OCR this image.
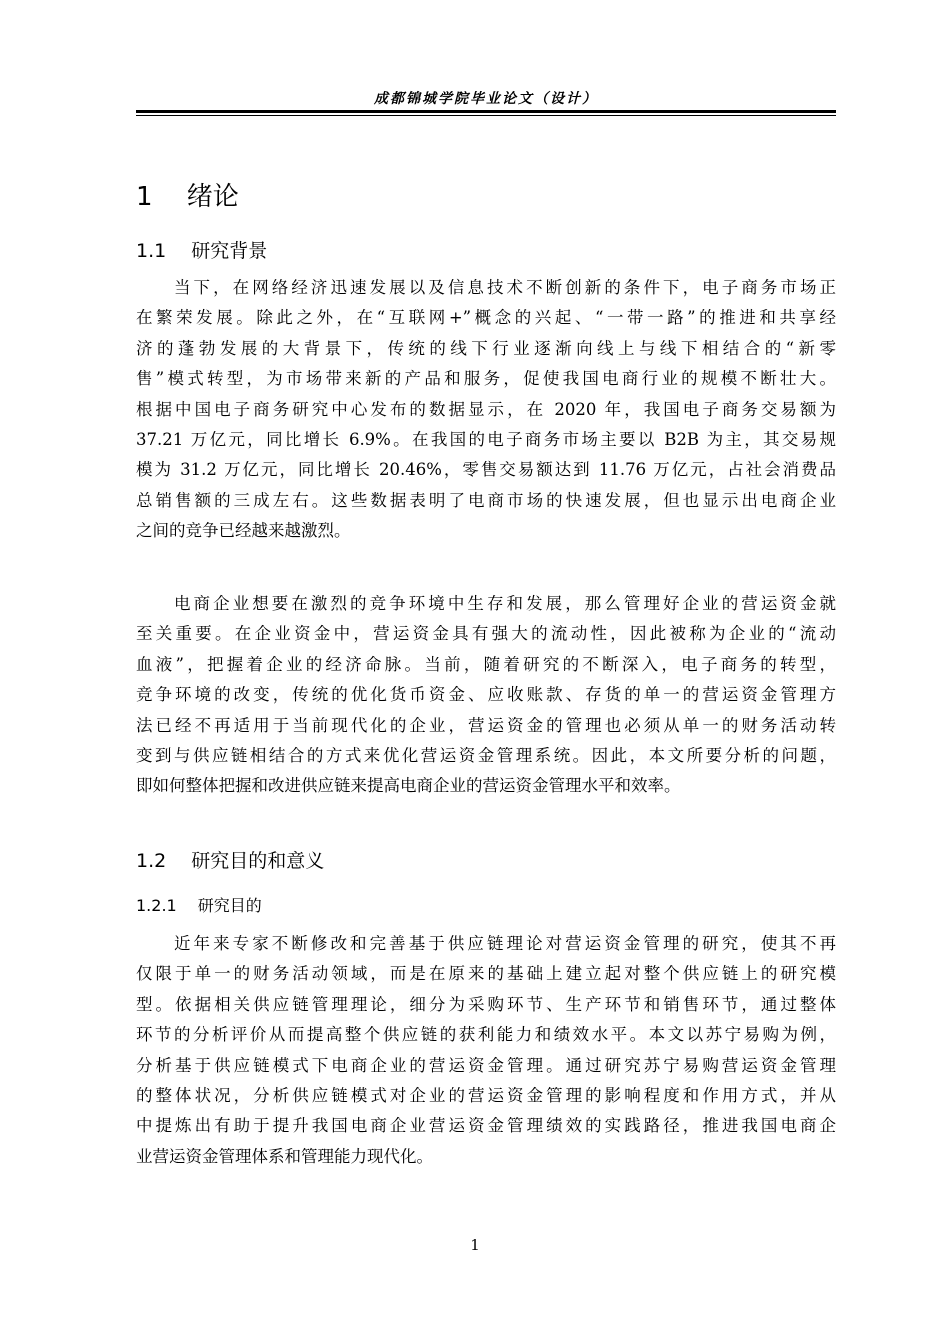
成都锦城学院毕业论文（设计）
1　 绪论
1.1　 研究背景
当下，在网络经济迅速发展以及信息技术不断创新的条件下，电子商务市场正
在繁荣发展。除此之外，在“互联网+”概念的兴起、“一带一路”的推进和共享经
济的蓬勃发展的大背景下，传统的线下行业逐渐向线上与线下相结合的“新零
售”模式转型，为市场带来新的产品和服务，促使我国电商行业的规模不断壮大。
根据中国电子商务研究中心发布的数据显示，在 2020 年，我国电子商务交易额为
37.21 万亿元，同比增长 6.9%。在我国的电子商务市场主要以 B2B 为主，其交易规
模为 31.2 万亿元，同比增长 20.46%，零售交易额达到 11.76 万亿元，占社会消费品
总销售额的三成左右。这些数据表明了电商市场的快速发展，但也显示出电商企业
之间的竞争已经越来越激烈。
电商企业想要在激烈的竞争环境中生存和发展，那么管理好企业的营运资金就
至关重要。在企业资金中，营运资金具有强大的流动性，因此被称为企业的“流动
血液”，把握着企业的经济命脉。当前，随着研究的不断深入，电子商务的转型，
竞争环境的改变，传统的优化货币资金、应收账款、存货的单一的营运资金管理方
法已经不再适用于当前现代化的企业，营运资金的管理也必须从单一的财务活动转
变到与供应链相结合的方式来优化营运资金管理系统。因此，本文所要分析的问题，
即如何整体把握和改进供应链来提高电商企业的营运资金管理水平和效率。
1.2　 研究目的和意义
1.2.1　 研究目的
近年来专家不断修改和完善基于供应链理论对营运资金管理的研究，使其不再
仅限于单一的财务活动领域，而是在原来的基础上建立起对整个供应链上的研究模
型。依据相关供应链管理理论，细分为采购环节、生产环节和销售环节，通过整体
环节的分析评价从而提高整个供应链的获利能力和绩效水平。本文以苏宁易购为例，
分析基于供应链模式下电商企业的营运资金管理。通过研究苏宁易购营运资金管理
的整体状况，分析供应链模式对企业的营运资金管理的影响程度和作用方式，并从
中提炼出有助于提升我国电商企业营运资金管理绩效的实践路径，推进我国电商企
业营运资金管理体系和管理能力现代化。
1
